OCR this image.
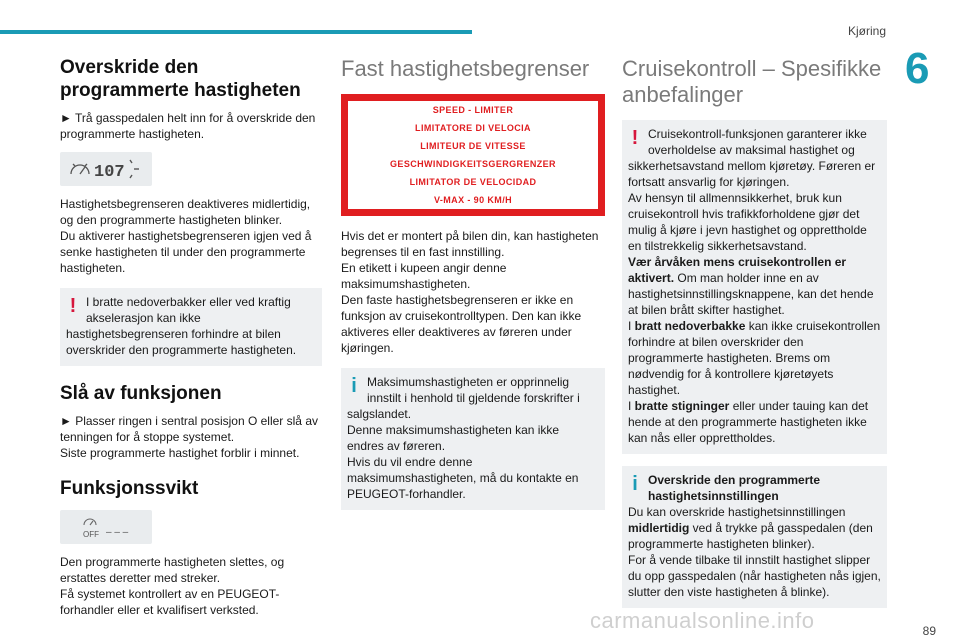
Kjøring
6
Overskride den programmerte hastigheten

► Trå gasspedalen helt inn for å overskride den programmerte hastigheten.

107

Hastighetsbegrenseren deaktiveres midlertidig, og den programmerte hastigheten blinker.

Du aktiverer hastighetsbegrenseren igjen ved å senke hastigheten til under den programmerte hastigheten.

! I bratte nedoverbakker eller ved kraftig akselerasjon kan ikke
hastighetsbegrenseren forhindre at bilen overskrider den programmerte hastigheten.
Slå av funksjonen

► Plasser ringen i sentral posisjon O eller slå av tenningen for å stoppe systemet.

Siste programmerte hastighet forblir i minnet.

Funksjonssvikt
OFF – – –

Den programmerte hastigheten slettes, og erstattes deretter med streker.

Få systemet kontrollert av en PEUGEOT-forhandler eller et kvalifisert verksted.

Fast hastighetsbegrenser
SPEED - LIMITER
LIMITATORE DI VELOCIA
LIMITEUR DE VITESSE
GESCHWINDIGKEITSGERGRENZER
LIMITATOR DE VELOCIDAD
V-MAX - 90 KM/H

Hvis det er montert på bilen din, kan hastigheten begrenses til en fast innstilling.

En etikett i kupeen angir denne maksimumshastigheten.

Den faste hastighetsbegrenseren er ikke en funksjon av cruisekontrolltypen. Den kan ikke aktiveres eller deaktiveres av føreren under kjøringen.

i Maksimumshastigheten er opprinnelig innstilt i henhold til gjeldende forskrifter i
salgslandet.
Denne maksimumshastigheten kan ikke endres av føreren.
Hvis du vil endre denne maksimumshastigheten, må du kontakte en PEUGEOT-forhandler.
Cruisekontroll – Spesifikke anbefalinger
! Cruisekontroll-funksjonen garanterer ikke overholdelse av maksimal hastighet og
sikkerhetsavstand mellom kjøretøy. Føreren er fortsatt ansvarlig for kjøringen.
Av hensyn til allmennsikkerhet, bruk kun cruisekontroll hvis trafikkforholdene gjør det mulig å kjøre i jevn hastighet og opprettholde en tilstrekkelig sikkerhetsavstand.
Vær årvåken mens cruisekontrollen er aktivert. Om man holder inne en av hastighetsinnstillingsknappene, kan det hende at bilen brått skifter hastighet.
I bratt nedoverbakke kan ikke cruisekontrollen forhindre at bilen overskrider den programmerte hastigheten. Brems om nødvendig for å kontrollere kjøretøyets hastighet.
I bratte stigninger eller under tauing kan det hende at den programmerte hastigheten ikke kan nås eller opprettholdes.
i Overskride den programmerte hastighetsinnstillingen
Du kan overskride hastighetsinnstillingen midlertidig ved å trykke på gasspedalen (den programmerte hastigheten blinker).
For å vende tilbake til innstilt hastighet slipper du opp gasspedalen (når hastigheten nås igjen, slutter den viste hastigheten å blinke).
carmanualsonline.info	89
